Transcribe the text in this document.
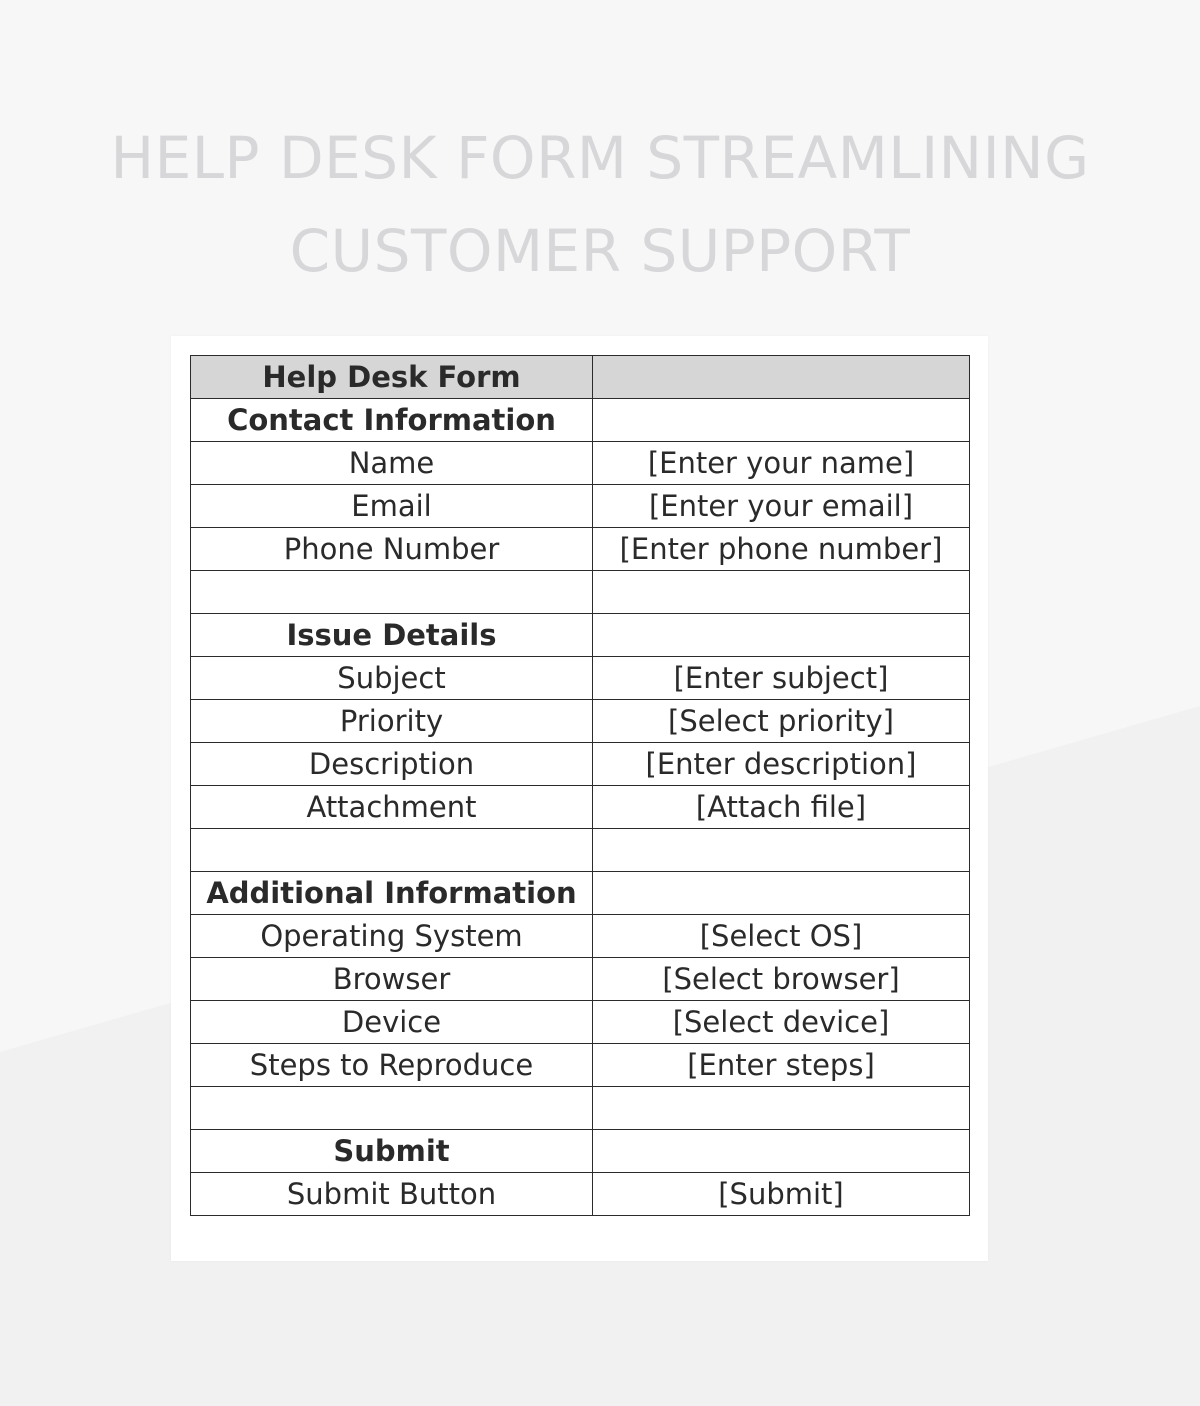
HELP DESK FORM STREAMLINING
CUSTOMER SUPPORT
Help Desk Form	
Contact Information	
Name	[Enter your name]
Email	[Enter your email]
Phone Number	[Enter phone number]

Issue Details	
Subject	[Enter subject]
Priority	[Select priority]
Description	[Enter description]
Attachment	[Attach file]

Additional Information	
Operating System	[Select OS]
Browser	[Select browser]
Device	[Select device]
Steps to Reproduce	[Enter steps]

Submit	
Submit Button	[Submit]
